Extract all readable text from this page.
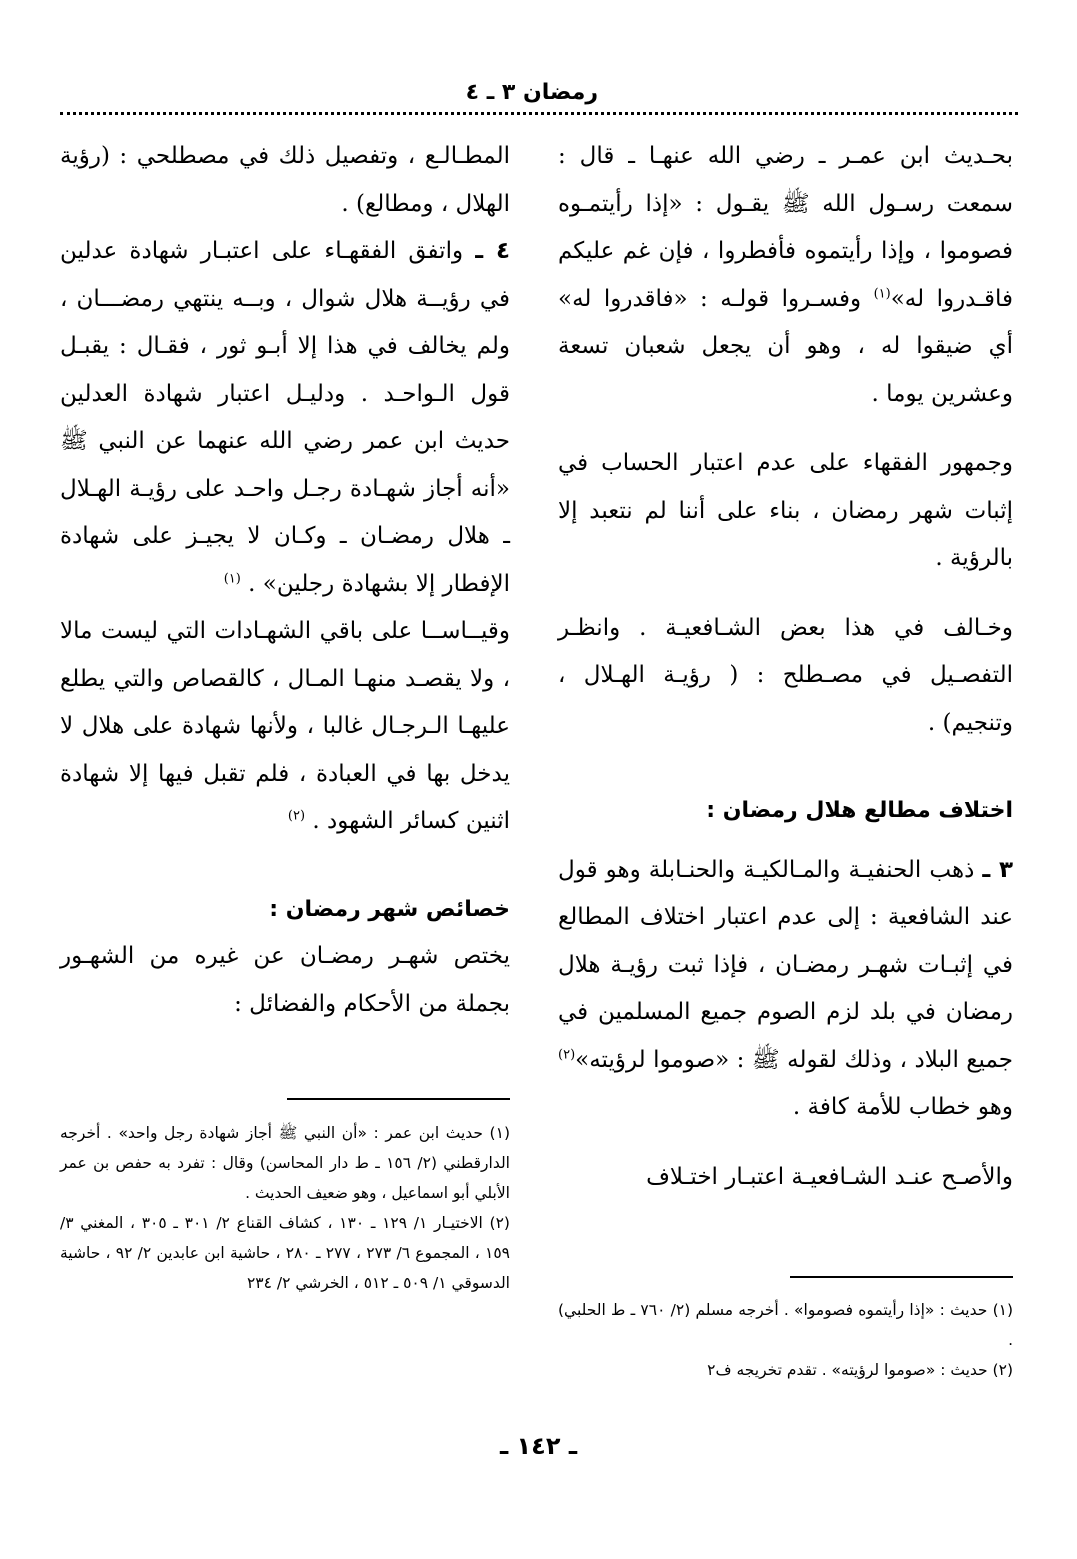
رمضان ٣ ـ ٤

بحـديث ابن عمـر ـ رضي الله عنهـا ـ قال : سمعت رسـول الله ﷺ يقـول : «إذا رأيتمـوه فصوموا ، وإذا رأيتموه فأفطروا ، فإن غم عليكم فاقـدروا له»$^{(١)}$ وفسـروا قولـه : «فاقدروا له» أي ضيقوا له ، وهو أن يجعل شعبان تسعة وعشرين يوما .

وجمهور الفقهاء على عدم اعتبار الحساب في إثبات شهر رمضان ، بناء على أننا لم نتعبد إلا بالرؤية .

وخـالف في هذا بعض الشـافعيـة . وانظـر التفصـيل في مصـطلح : ( رؤيـة الهـلال ، وتنجيم) .

اختلاف مطالع هلال رمضان :

٣ ـ ذهب الحنفيـة والمـالكيـة والحنـابلة وهو قول عند الشافعية : إلى عدم اعتبار اختلاف المطالع في إثبـات شهـر رمضـان ، فإذا ثبت رؤيـة هلال رمضان في بلد لزم الصوم جميع المسلمين في جميع البلاد ، وذلك لقوله ﷺ : «صوموا لرؤيته»$^{(٢)}$ وهو خطاب للأمة كافة .

والأصـح عنـد الشـافعيـة اعتبـار اختـلاف

المطـالـع ، وتفصيل ذلك في مصطلحي : (رؤية الهلال ، ومطالع) .

٤ ـ واتفق الفقهـاء على اعتبـار شهادة عدلين في رؤيــة هلال شوال ، وبــه ينتهي رمضـــان ، ولم يخالف في هذا إلا أبـو ثور ، فقـال : يقبـل قول الـواحـد . ودليـل اعتبار شهادة العدلين حديث ابن عمر رضي الله عنهما عن النبي ﷺ «أنه أجاز شهـادة رجـل واحـد على رؤيـة الهـلال ـ هلال رمضـان ـ وكـان لا يجيـز على شهادة الإفطار إلا بشهادة رجلين» . $^{(١)}$

وقيــاســا على باقي الشهـادات التي ليست مالا ، ولا يقصـد منهـا المـال ، كالقصاص والتي يطلع عليهـا الـرجـال غالبا ، ولأنها شهادة على هلال لا يدخل بها في العبادة ، فلم تقبل فيها إلا شهادة اثنين كسائر الشهود . $^{(٢)}$

خصائص شهر رمضان :

يختص شهـر رمضـان عن غيره من الشهـور بجملة من الأحكام والفضائل :

(١) حديث : «إذا رأيتموه فصوموا» . أخرجه مسلم (٢/ ٧٦٠ ـ ط الحلبي) .

(٢) حديث : «صوموا لرؤيته» . تقدم تخريجه ف٢

(١) حديث ابن عمر : «أن النبي ﷺ أجاز شهادة رجل واحد» . أخرجه الدارقطني (٢/ ١٥٦ ـ ط دار المحاسن) وقال : تفرد به حفص بن عمر الأبلي أبو اسماعيل ، وهو ضعيف الحديث .

(٢) الاختيـار ١/ ١٢٩ ـ ١٣٠ ، كشاف القناع ٢/ ٣٠١ ـ ٣٠٥ ، المغني ٣/ ١٥٩ ، المجموع ٦/ ٢٧٣ ، ٢٧٧ ـ ٢٨٠ ، حاشية ابن عابدين ٢/ ٩٢ ، حاشية الدسوقي ١/ ٥٠٩ ـ ٥١٢ ، الخرشي ٢/ ٢٣٤

ـ ١٤٢ ـ
